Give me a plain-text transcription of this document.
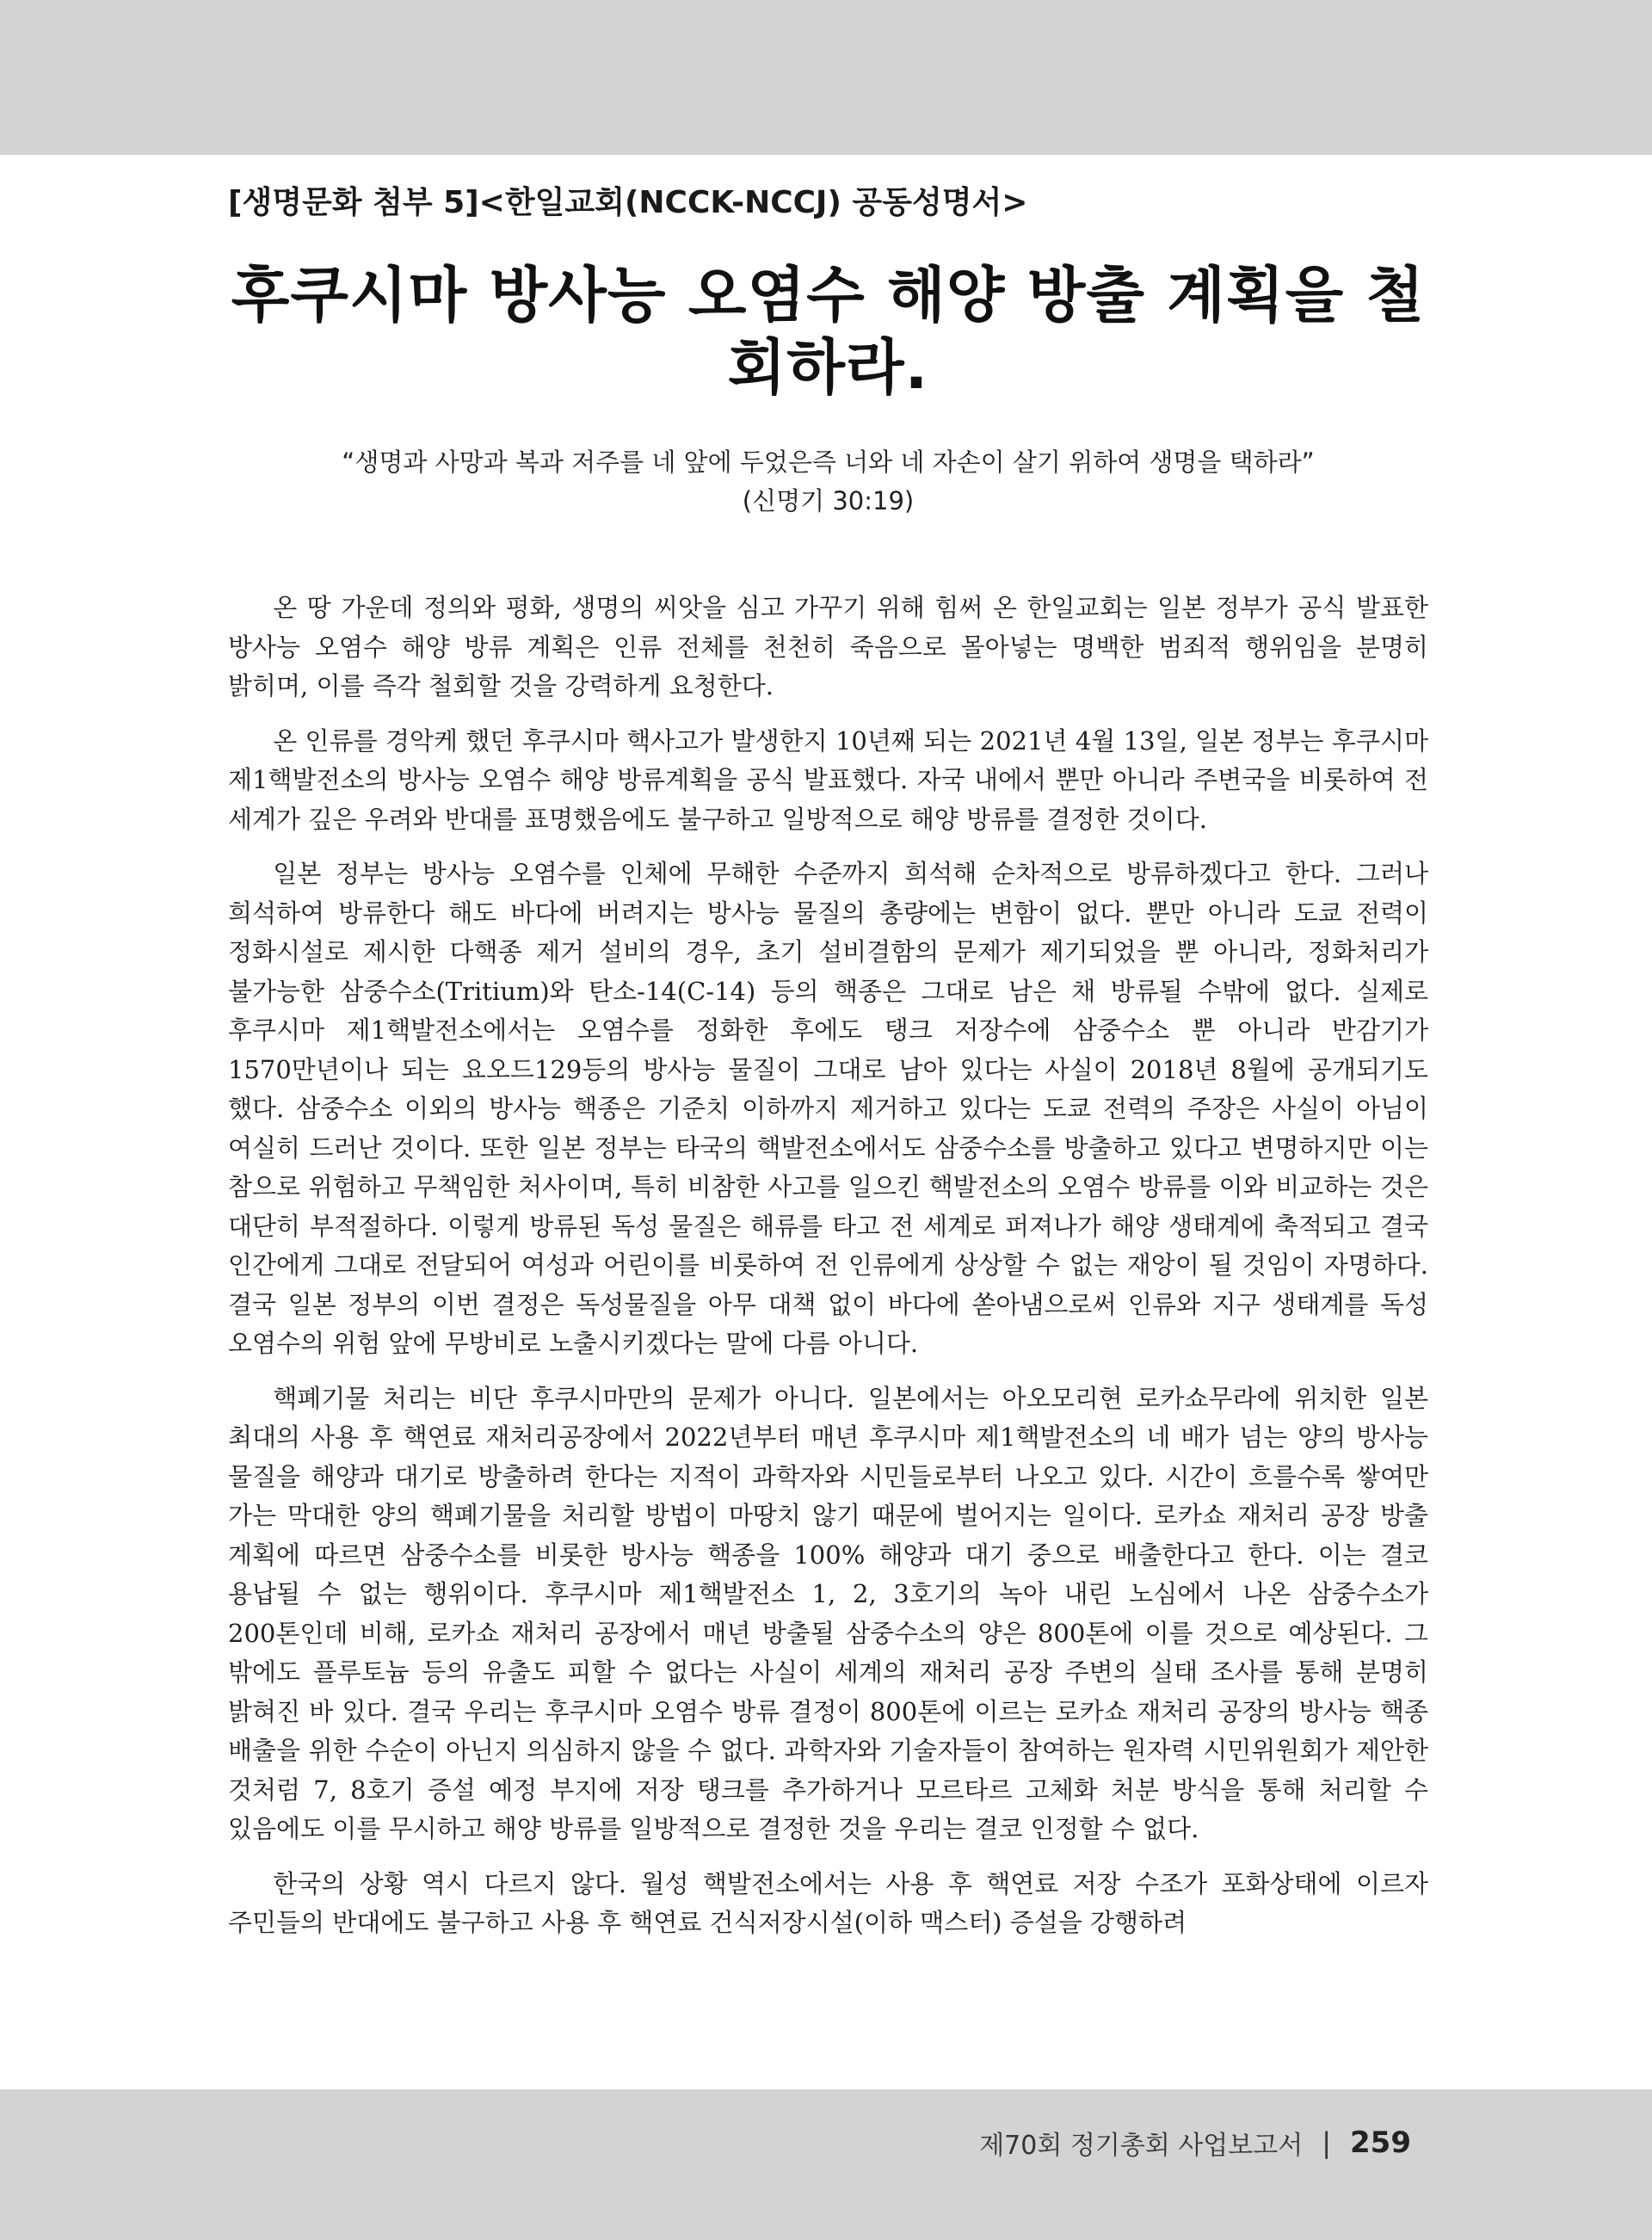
[생명문화 첨부 5]<한일교회(NCCK-NCCJ) 공동성명서>
후쿠시마 방사능 오염수 해양 방출 계획을 철회하라.
“생명과 사망과 복과 저주를 네 앞에 두었은즉 너와 네 자손이 살기 위하여 생명을 택하라”
(신명기 30:19)

온 땅 가운데 정의와 평화, 생명의 씨앗을 심고 가꾸기 위해 힘써 온 한일교회는 일본 정부가 공식 발표한 방사능 오염수 해양 방류 계획은 인류 전체를 천천히 죽음으로 몰아넣는 명백한 범죄적 행위임을 분명히 밝히며, 이를 즉각 철회할 것을 강력하게 요청한다.

온 인류를 경악케 했던 후쿠시마 핵사고가 발생한지 10년째 되는 2021년 4월 13일, 일본 정부는 후쿠시마 제1핵발전소의 방사능 오염수 해양 방류계획을 공식 발표했다. 자국 내에서 뿐만 아니라 주변국을 비롯하여 전 세계가 깊은 우려와 반대를 표명했음에도 불구하고 일방적으로 해양 방류를 결정한 것이다.

일본 정부는 방사능 오염수를 인체에 무해한 수준까지 희석해 순차적으로 방류하겠다고 한다. 그러나 희석하여 방류한다 해도 바다에 버려지는 방사능 물질의 총량에는 변함이 없다. 뿐만 아니라 도쿄 전력이 정화시설로 제시한 다핵종 제거 설비의 경우, 초기 설비결함의 문제가 제기되었을 뿐 아니라, 정화처리가 불가능한 삼중수소(Tritium)와 탄소-14(C-14) 등의 핵종은 그대로 남은 채 방류될 수밖에 없다. 실제로 후쿠시마 제1핵발전소에서는 오염수를 정화한 후에도 탱크 저장수에 삼중수소 뿐 아니라 반감기가 1570만년이나 되는 요오드129등의 방사능 물질이 그대로 남아 있다는 사실이 2018년 8월에 공개되기도 했다. 삼중수소 이외의 방사능 핵종은 기준치 이하까지 제거하고 있다는 도쿄 전력의 주장은 사실이 아님이 여실히 드러난 것이다. 또한 일본 정부는 타국의 핵발전소에서도 삼중수소를 방출하고 있다고 변명하지만 이는 참으로 위험하고 무책임한 처사이며, 특히 비참한 사고를 일으킨 핵발전소의 오염수 방류를 이와 비교하는 것은 대단히 부적절하다. 이렇게 방류된 독성 물질은 해류를 타고 전 세계로 퍼져나가 해양 생태계에 축적되고 결국 인간에게 그대로 전달되어 여성과 어린이를 비롯하여 전 인류에게 상상할 수 없는 재앙이 될 것임이 자명하다. 결국 일본 정부의 이번 결정은 독성물질을 아무 대책 없이 바다에 쏟아냄으로써 인류와 지구 생태계를 독성 오염수의 위험 앞에 무방비로 노출시키겠다는 말에 다름 아니다.

핵폐기물 처리는 비단 후쿠시마만의 문제가 아니다. 일본에서는 아오모리현 로카쇼무라에 위치한 일본 최대의 사용 후 핵연료 재처리공장에서 2022년부터 매년 후쿠시마 제1핵발전소의 네 배가 넘는 양의 방사능 물질을 해양과 대기로 방출하려 한다는 지적이 과학자와 시민들로부터 나오고 있다. 시간이 흐를수록 쌓여만 가는 막대한 양의 핵폐기물을 처리할 방법이 마땅치 않기 때문에 벌어지는 일이다. 로카쇼 재처리 공장 방출 계획에 따르면 삼중수소를 비롯한 방사능 핵종을 100% 해양과 대기 중으로 배출한다고 한다. 이는 결코 용납될 수 없는 행위이다. 후쿠시마 제1핵발전소 1, 2, 3호기의 녹아 내린 노심에서 나온 삼중수소가 200톤인데 비해, 로카쇼 재처리 공장에서 매년 방출될 삼중수소의 양은 800톤에 이를 것으로 예상된다. 그 밖에도 플루토늄 등의 유출도 피할 수 없다는 사실이 세계의 재처리 공장 주변의 실태 조사를 통해 분명히 밝혀진 바 있다. 결국 우리는 후쿠시마 오염수 방류 결정이 800톤에 이르는 로카쇼 재처리 공장의 방사능 핵종 배출을 위한 수순이 아닌지 의심하지 않을 수 없다. 과학자와 기술자들이 참여하는 원자력 시민위원회가 제안한 것처럼 7, 8호기 증설 예정 부지에 저장 탱크를 추가하거나 모르타르 고체화 처분 방식을 통해 처리할 수 있음에도 이를 무시하고 해양 방류를 일방적으로 결정한 것을 우리는 결코 인정할 수 없다.

한국의 상황 역시 다르지 않다. 월성 핵발전소에서는 사용 후 핵연료 저장 수조가 포화상태에 이르자 주민들의 반대에도 불구하고 사용 후 핵연료 건식저장시설(이하 맥스터) 증설을 강행하려

제70회 정기총회 사업보고서 | 259
